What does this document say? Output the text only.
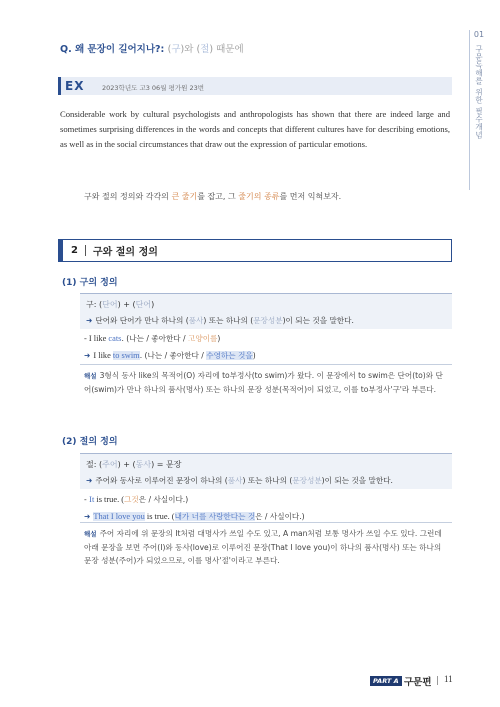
Q. 왜 문장이 길어지나?: (구)와 (절) 때문에
01
구문독해를 위한 필수개념
EX	2023학년도 고3 06월 평가원 23번
Considerable work by cultural psychologists and anthropologists has shown that there are indeed large and sometimes surprising differences in the words and concepts that different cultures have for describing emotions, as well as in the social circumstances that draw out the expression of particular emotions.
구와 절의 정의와 각각의 큰 줄기를 잡고, 그 줄기의 종류를 먼저 익혀보자.
2 구와 절의 정의
(1) 구의 정의
구: (단어) + (단어)
➜ 단어와 단어가 만나 하나의 (품사) 또는 하나의 (문장성분)이 되는 것을 말한다.
- I like cats. (나는 / 좋아한다 / 고양이를)
➜ I like to swim. (나는 / 좋아한다 / 수영하는 것을)
해설 3형식 동사 like의 목적어(O) 자리에 to부정사(to swim)가 왔다. 이 문장에서 to swim은 단어(to)와 단어(swim)가 만나 하나의 품사(명사) 또는 하나의 문장 성분(목적어)이 되었고, 이를 to부정사'구'라 부른다.
(2) 절의 정의
절: (주어) + (동사) = 문장
➜ 주어와 동사로 이루어진 문장이 하나의 (품사) 또는 하나의 (문장성분)이 되는 것을 말한다.
- It is true. (그것은 / 사실이다.)
➜ That I love you is true. (내가 너를 사랑한다는 것은 / 사실이다.)
해설 주어 자리에 위 문장의 It처럼 대명사가 쓰일 수도 있고, A man처럼 보통 명사가 쓰일 수도 있다. 그런데 아래 문장을 보면 주어(I)와 동사(love)로 이루어진 문장(That I love you)이 하나의 품사(명사) 또는 하나의 문장 성분(주어)가 되었으므로, 이를 명사'절'이라고 부른다.
PART A 구문편 11
